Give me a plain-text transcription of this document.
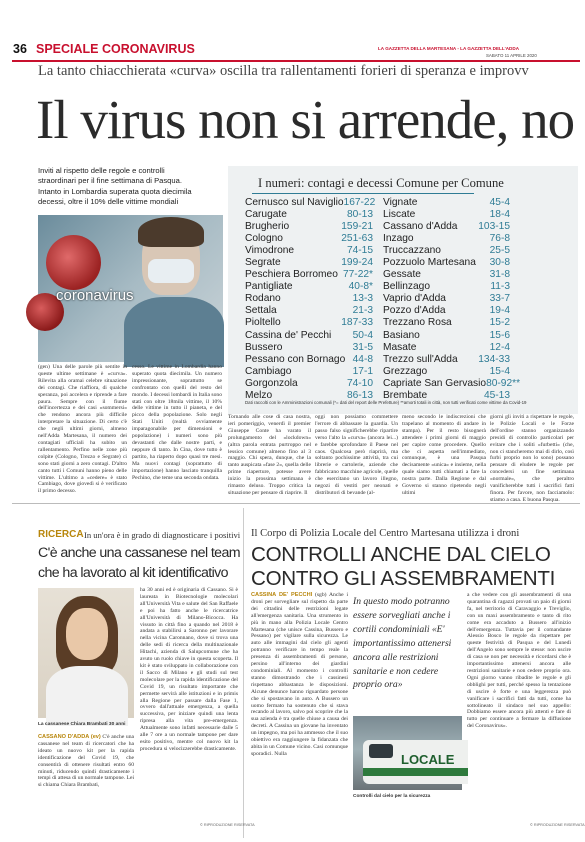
36 SPECIALE CORONAVIRUS	LA GAZZETTA DELLA MARTESANA - LA GAZZETTA DELL'ADDA
SABATO 11 APRILE 2020
La tanto chiacchierata «curva» oscilla tra rallentamenti forieri di speranza e improvv
Il virus non si arrende, no
Inviti al rispetto delle regole e controlli
straordinari per il fine settimana di Pasqua.
Intanto in Lombardia superata quota diecimila
decessi, oltre il 10% delle vittime mondiali
coronavirus
I numeri: contagi e decessi Comune per Comune
Cernusco sul Naviglio 167-22
Carugate	80-13
Brugherio	159-21
Cologno	251-63
Vimodrone	74-15
Segrate	199-24
Peschiera Borromeo 77-22*
Pantigliate	40-8*
Rodano	13-3
Settala	21-3
Pioltello	187-33
Cassina de' Pecchi 50-4
Bussero	31-5
Pessano con Bornago 44-8
Cambiago	17-1
Gorgonzola	74-10
Melzo	86-13
Vignate	45-4
Liscate	18-4
Cassano d'Adda 103-15
Inzago	76-8
Truccazzano	25-5
Pozzuolo Martesana 30-8
Gessate	31-8
Bellinzago	11-3
Vaprio d'Adda	33-7
Pozzo d'Adda	19-4
Trezzano Rosa	15-2
Basiano	15-6
Masate	12-4
Trezzo sull'Adda 134-33
Grezzago	15-4
Capriate San Gervasio 80-92**
Brembate	45-13
Dati raccolti con le Amministrazioni comunali (*= dati del report delle Prefetture) **amorti totali in città, non tutti verificati come vittime da Covid-19
(gen) Una delle parole più sentite in queste ultime settimane è «curva». Rilevita alla oramai celebre situazione dei contagi. Che riaffiora, di qualche speranza, poi accelera e riprende a fare paura. Sempre con il fiume dell'incertezza e dei casi «sommersi» che rendono ancora più difficile interpretare la situazione. Di certo c'è che negli ultimi giorni, almeno nell'Adda Martesana, il numero dei contagiati ufficiali ha subito un rallentamento. Perfino nelle zone più colpite (Cologno, Trezzo e Segrate) ci sono stati giorni a zero contagi. D'altro canto tutti i Comuni hanno pieno delle vittime. L'ultimo a «cedere» è stato Cambiago, dove giovedì si è verificato il primo decesso.
cesso. Le vittime in Lombardia hanno superato quota diecimila. Un numero impressionante, soprattutto se confrontato con quelli del resto del mondo. I decessi lombardi in Italia sono stati con oltre 18mila vittime, il 10% delle vittime in tutto il pianeta, e del picco della popolazione. Solo negli Stati Uniti (realtà ovviamente imparagonabile per dimensioni e popolazione) i numeri sono più devastanti che dalle nostre parti, e neppure di tanto. In Cina, dove tutto è partito, ha riaperto dopo quasi tre mesi. Ma nuovi contagi (soprattutto di importazione) hanno lasciato tranquilla Pechino, che teme una seconda ondata.
Tornando alle cose di casa nostra, ieri pomeriggio, venerdì il premier Giuseppe Conte ha varato il prolungamento del «lockdown» (altra parola entrata purtroppo nel lessico comune) almeno fino al 3 maggio. Chi spera, dunque, che la tanto auspicata «fase 2», quella delle prime riaperture, potesse avere inizio la prossima settimana è rimasto deluso. Troppo critica la situazione per pensare di riaprire. Il
oggi non possiamo commettere l'errore di abbassare la guardia. Un passo falso significherebbe ripartire verso l'alto la «curva» (ancora lei...) e farebbe sprofondare il Paese nel caos. Qualcosa però riaprirà, ma soltanto pochissime attività, tra cui librerie e cartolerie, aziende che fabbricano macchine agricole, quelle che esercitano un lavoro illegno, negozi di vestiti per neonati e distributori di bevande (al-
meno secondo le indiscrezioni che trapelano al momento di andare in stampa). Per il resto bisognerà attendere i primi giorni di maggio per capire come procedere. Quello che ci aspetta nell'immediato, comunque, è una Pasqua decisamente «unica» e insieme, nella quale siamo tutti chiamati a fare la nostra parte. Dalla Regione e dal Governo si stanno ripetendo negli ultimi
giorni gli inviti a rispettare le regole, le Polizie Locali e le Forze dell'ordine stanno organizzando presidi di controllo particolari per evitare che i soliti «furbetti» (che, non ci stancheremo mai di dirlo, così furbi proprio non lo sono) possano pensare di eludere le regole per concedersi un fine settimana «normale», che peraltro vanificherebbe tutti i sacrifici fatti finora. Per favore, non facciamolo: stiamo a casa. E buona Pasqua.
RICERCA In un'ora è in grado di diagnosticare i positivi
C'è anche una cassanese nel team che ha lavorato al kit identificativo
La cassanese Chiara Brambati 30 anni
CASSANO D'ADDA (ev) C'è anche una cassanese nel team di ricercatori che ha ideato un nuovo kit per la rapida identificazione del Covid 19, che consentirà di ottenere risultati entro 60 minuti, riducendo quindi drasticamente i tempi di attesa di un normale tampone. Lei si chiama Chiara Brambati,
ha 30 anni ed è originaria di Cassano. Si è laureata in Biotecnologie molecolari all'Università Vita e salute del San Raffaele e poi ha fatto anche le ricercatrice all'Università di Milano-Bicocca. Ha vissuto in città fino a quando nel 2018 è andata a stabilirsi a Saronno per lavorare nella vicina Caronnano, dove si trova una delle sedi di ricerca della multinazionale Hitachi, azienda di Salupcomune che ha avuto un ruolo chiave in questa scoperta. Il kit è stato sviluppato in collaborazione con il Sacco di Milano e gli studi sul test molecolare per la rapida identificazione del Covid 19, un risultato importante che permette servirà alle istituzioni e in primis alla Regione per passare dalla Fase 1, ovvero dall'attuale emergenza, a quella successiva, per iniziare quindi una lenta ripresa alla vita pre-emergenza. Attualmente sono infatti necessarie dalle 5 alle 7 ore a un normale tampone per dare esito positivo, mentre col nuovo kit la procedura si velocizzerebbe drasticamente.
© RIPRODUZIONE RISERVATA
Il Corpo di Polizia Locale del Centro Martesana utilizza i droni
CONTROLLI ANCHE DAL CIELO
CONTRO GLI ASSEMBRAMENTI
CASSINA DE' PECCHI (sgb) Anche i droni per sorvegliare sul rispetto da parte dei cittadini delle restrizioni legate all'emergenza sanitaria. Una strumento in più in mano alla Polizia Locale Centro Martesana (che unisce Cassina, Bussero e Pessano) per vigilare sulla sicurezza. Le auto alle immagini dal cielo gli agenti potranno verificare in tempo reale la presenza di assembramenti di persone, persino all'interno dei giardini condominiali. Al momento i controlli stanno dimostrando che i cassinesi rispettano abbastanza le disposizioni. Alcune denunce hanno riguardato persone che si spostavano in auto. A Bussero un uomo fermato ha sostenuto che si stava recando al lavoro, salvo poi scoprire che la sua azienda è tra quelle chiuse a causa dei decreti. A Cassina un giovane ha inventato un impegno, ma poi ha ammesso che il suo obiettivo era raggiungere la fidanzata che abita in un Comune vicino. Casi comunque sporadici. Nulla
In questo modo potranno essere sorvegliati anche i cortili condominiali «E' importantissimo attenersi ancora alle restrizioni sanitarie e non cedere proprio ora»
LOCALE
Controlli dal cielo per la sicurezza
a che vedere con gli assembramenti di una quarantina di ragazzi provati un paio di giorni fa, nel territorio di Caravaggio e Treviglio, con un maxi assembramento e tanto di rito come era accaduto a Bussero all'inizio dell'emergenza. Tuttavia per il comandante Alessio Bosco le regole da rispettare per queste festività di Pasqua e del Lunedì dell'Angelo sono sempre le stesse: non uscire di casa se non per necessità e ricordarsi che è importantissimo attenersi ancora alle restrizioni sanitarie e non cedere proprio ora. Ogni giorno vanno ribadite le regole e gli obblighi per tutti, perché spesso la tentazione di uscire è forte e una leggerezza può vanificare i sacrifici fatti da tutti, come ha sottolineato il sindaco nel suo appello: Dobbiamo essere ancora più attenti e fare di tutto per continuare a fermare la diffusione del Coronavirus».
© RIPRODUZIONE RISERVATA
